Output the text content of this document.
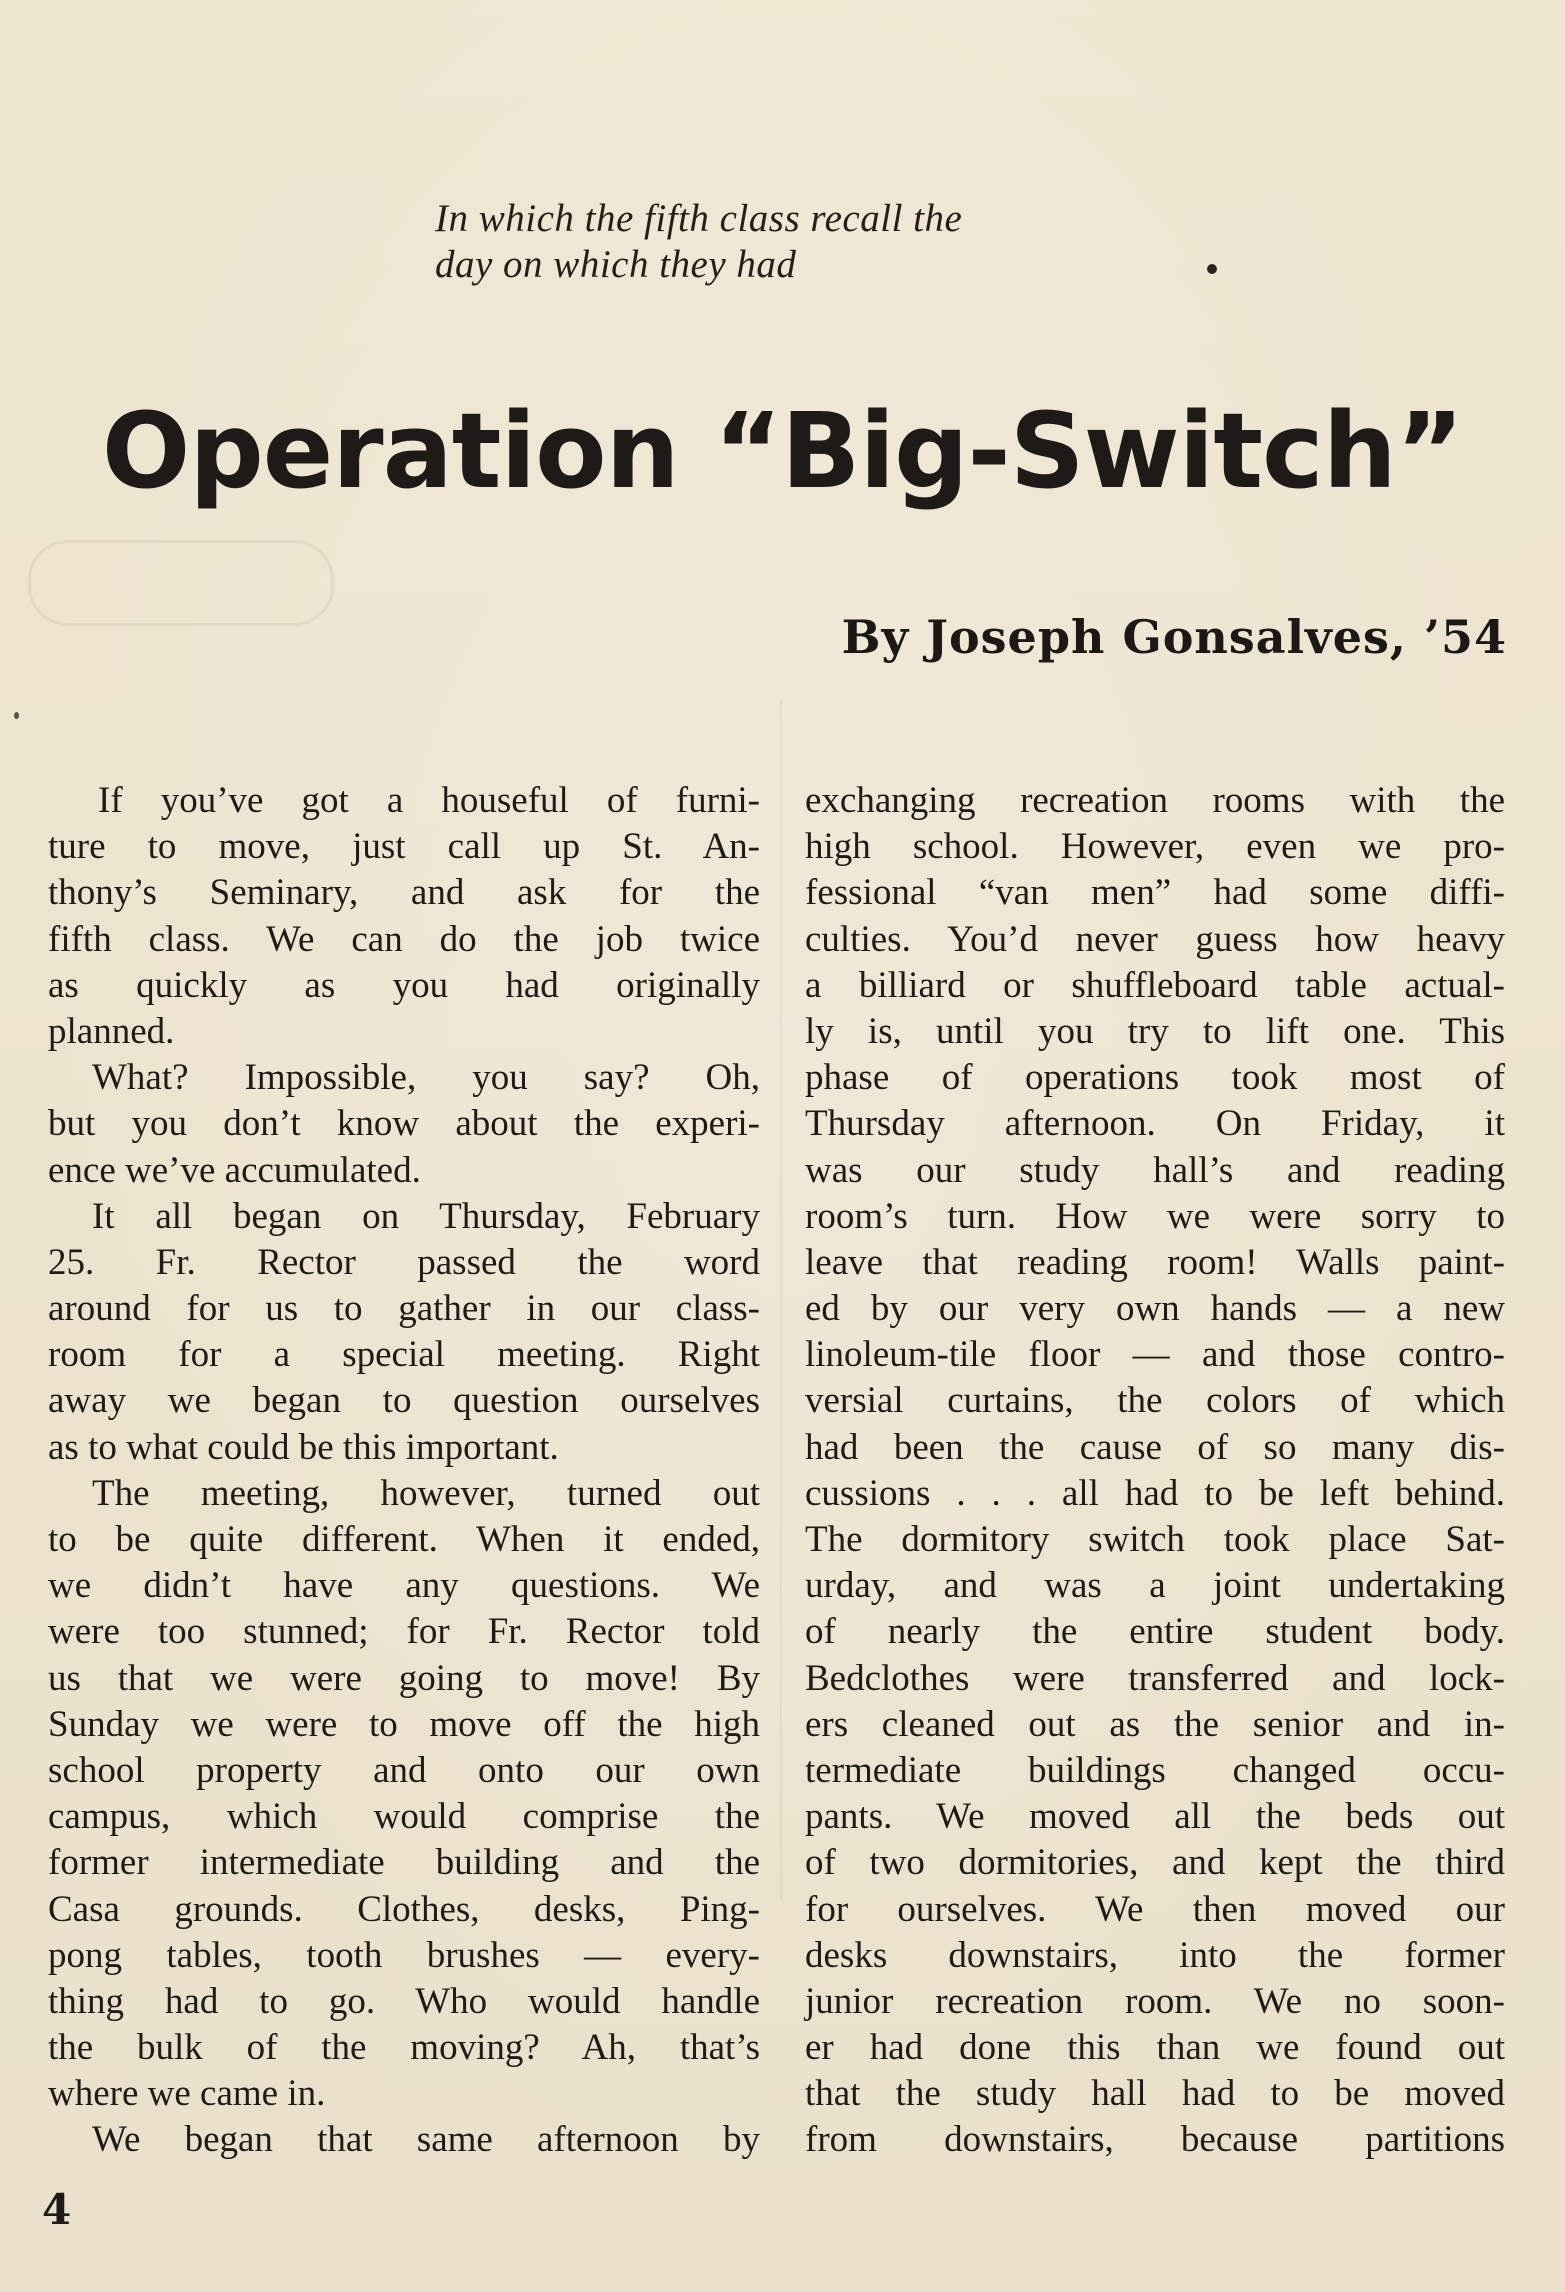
In which the fifth class recall the
day on which they had
Operation “Big-Switch”

By Joseph Gonsalves, ’54

If you’ve got a houseful of furni-
ture to move, just call up St. An-
thony’s Seminary, and ask for the
fifth class. We can do the job twice
as quickly as you had originally
planned.
What? Impossible, you say? Oh,
but you don’t know about the experi-
ence we’ve accumulated.
It all began on Thursday, February
25. Fr. Rector passed the word
around for us to gather in our class-
room for a special meeting. Right
away we began to question ourselves
as to what could be this important.
The meeting, however, turned out
to be quite different. When it ended,
we didn’t have any questions. We
were too stunned; for Fr. Rector told
us that we were going to move! By
Sunday we were to move off the high
school property and onto our own
campus, which would comprise the
former intermediate building and the
Casa grounds. Clothes, desks, Ping-
pong tables, tooth brushes — every-
thing had to go. Who would handle
the bulk of the moving? Ah, that’s
where we came in.
We began that same afternoon by
exchanging recreation rooms with the
high school. However, even we pro-
fessional “van men” had some diffi-
culties. You’d never guess how heavy
a billiard or shuffleboard table actual-
ly is, until you try to lift one. This
phase of operations took most of
Thursday afternoon. On Friday, it
was our study hall’s and reading
room’s turn. How we were sorry to
leave that reading room! Walls paint-
ed by our very own hands — a new
linoleum-tile floor — and those contro-
versial curtains, the colors of which
had been the cause of so many dis-
cussions . . . all had to be left behind.
The dormitory switch took place Sat-
urday, and was a joint undertaking
of nearly the entire student body.
Bedclothes were transferred and lock-
ers cleaned out as the senior and in-
termediate buildings changed occu-
pants. We moved all the beds out
of two dormitories, and kept the third
for ourselves. We then moved our
desks downstairs, into the former
junior recreation room. We no soon-
er had done this than we found out
that the study hall had to be moved
from downstairs, because partitions
4
